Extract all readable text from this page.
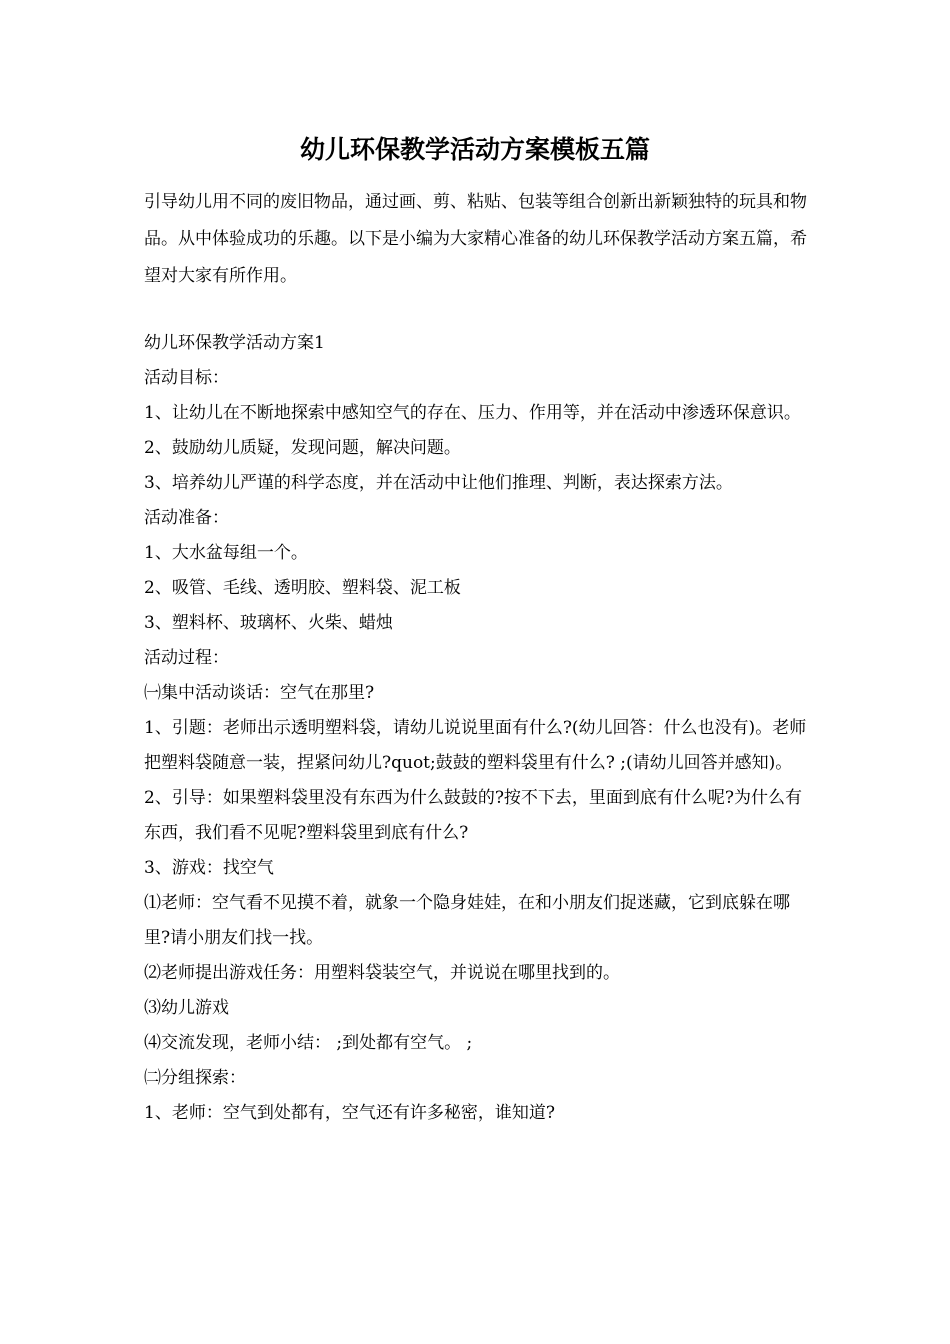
幼儿环保教学活动方案模板五篇

引导幼儿用不同的废旧物品，通过画、剪、粘贴、包装等组合创新出新颖独特的玩具和物品。从中体验成功的乐趣。以下是小编为大家精心准备的幼儿环保教学活动方案五篇，希望对大家有所作用。

幼儿环保教学活动方案1

活动目标：

1、让幼儿在不断地探索中感知空气的存在、压力、作用等，并在活动中渗透环保意识。

2、鼓励幼儿质疑，发现问题，解决问题。

3、培养幼儿严谨的科学态度，并在活动中让他们推理、判断，表达探索方法。

活动准备：

1、大水盆每组一个。

2、吸管、毛线、透明胶、塑料袋、泥工板

3、塑料杯、玻璃杯、火柴、蜡烛

活动过程：

㈠集中活动谈话：空气在那里?

1、引题：老师出示透明塑料袋，请幼儿说说里面有什么?(幼儿回答：什么也没有)。老师把塑料袋随意一装，捏紧问幼儿?quot;鼓鼓的塑料袋里有什么? ;(请幼儿回答并感知)。

2、引导：如果塑料袋里没有东西为什么鼓鼓的?按不下去，里面到底有什么呢?为什么有东西，我们看不见呢?塑料袋里到底有什么?

3、游戏：找空气

⑴老师：空气看不见摸不着，就象一个隐身娃娃，在和小朋友们捉迷藏，它到底躲在哪里?请小朋友们找一找。

⑵老师提出游戏任务：用塑料袋装空气，并说说在哪里找到的。

⑶幼儿游戏

⑷交流发现，老师小结： ;到处都有空气。 ;

㈡分组探索：

1、老师：空气到处都有，空气还有许多秘密，谁知道?
